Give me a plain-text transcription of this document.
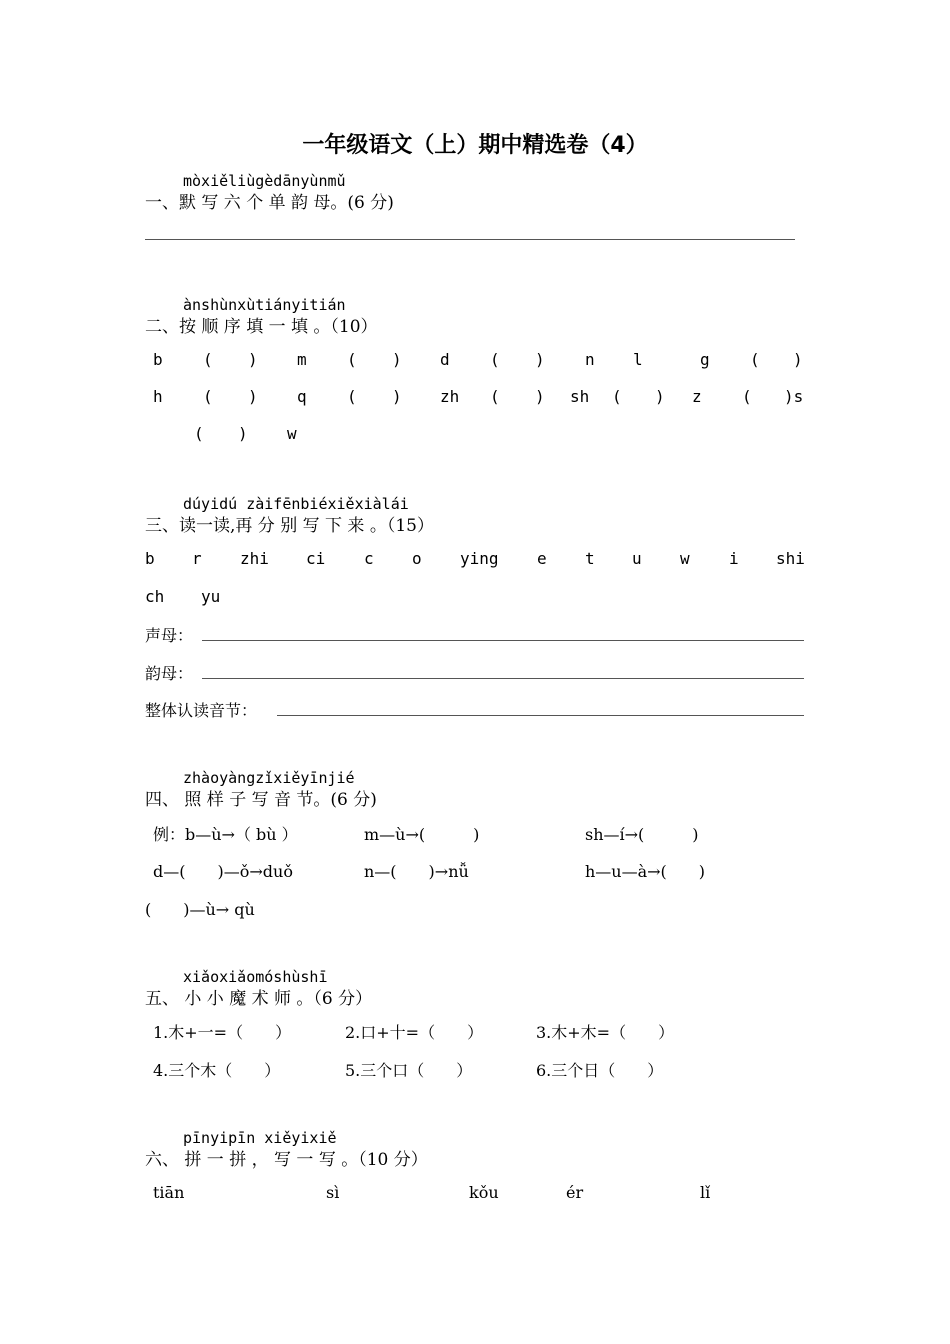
一年级语文（上）期中精选卷（4）
mòxiěliùgèdānyùnmǔ
一、默 写 六 个 单 韵 母。(6 分)
ànshùnxùtiányitián
二、按 顺 序 填 一 填 。（10）
b	( ) m	( ) d	( )	n l	g	( )
h	( ) q	( ) zh ( ) sh ( ) z	( )s
( ) w
dúyidú zàifēnbiéxiěxiàlái
三、读一读,再 分 别 写 下 来 。（15）
b r zhi ci c o ying e t u w i shi
ch yu
声母：
韵母：
整体认读音节：
zhàoyàngzǐxiěyīnjié
四、 照 样 子 写 音 节。(6 分)
例：b—ù→（ bù ）	m—ù→(　　　)	sh—í→(　　　)
d—(　　)—ǒ→duǒ	n—(　　)→nǚ	h—u—à→(　　)
(　　)—ù→ qù
xiǎoxiǎomóshùshī
五、 小 小 魔 术 师 。（6 分）
1.木+一=（　　）	2.口+十=（　　）	3.木+木=（　　）
4.三个木（　　）	5.三个口（　　）	6.三个日（　　）
pīnyipīn xiěyixiě
六、 拼 一 拼 ， 写 一 写 。（10 分）
tiān	sì	kǒu	ér	lǐ
